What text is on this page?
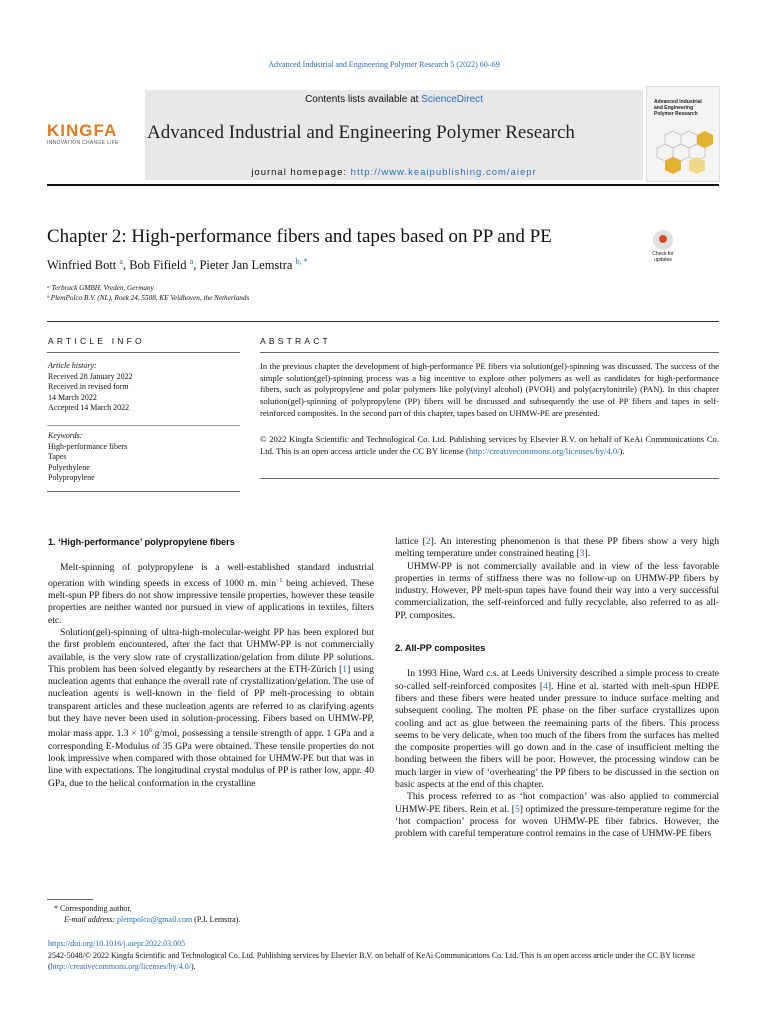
Advanced Industrial and Engineering Polymer Research 5 (2022) 60–69
KINGFA
INNOVATION CHANGE LIFE
Contents lists available at ScienceDirect
Advanced Industrial and Engineering Polymer Research
journal homepage: http://www.keaipublishing.com/aiepr
Advanced Industrial and Engineering Polymer Research
Chapter 2: High-performance fibers and tapes based on PP and PE
Check for updates
Winfried Bott $^a$, Bob Fifield $^a$, Pieter Jan Lemstra $^{b, *}$
ᵃ Terbrack GMBH, Vreden, Germany
ᵇ PlemPolco B.V. (NL), Roek 24, 5508, KE Veldhoven, the Netherlands
ARTICLE INFO	ABSTRACT
Article history:
Received 28 January 2022
Received in revised form
14 March 2022
Accepted 14 March 2022
Keywords:
High-performance fibers
Tapes
Polyethylene
Polypropylene
In the previous chapter the development of high-performance PE fibers via solution(gel)-spinning was discussed. The success of the simple solution(gel)-spinning process was a big incentive to explore other polymers as well as candidates for high-performance fibers, such as polypropylene and polar polymers like poly(vinyl alcohol) (PVOH) and poly(acrylonitrile) (PAN). In this chapter solution(gel)-spinning of polypropylene (PP) fibers will be discussed and subsequently the use of PP fibers and tapes in self-reinforced composites. In the second part of this chapter, tapes based on UHMW-PE are presented.
© 2022 Kingfa Scientific and Technological Co. Ltd. Publishing services by Elsevier B.V. on behalf of KeAi Communications Co. Ltd. This is an open access article under the CC BY license (http://creativecommons.org/licenses/by/4.0/).
1. ‘High-performance’ polypropylene fibers

Melt-spinning of polypropylene is a well-established standard industrial operation with winding speeds in excess of 1000 m. $\min^{-1}$ being achieved. These melt-spun PP fibers do not show impressive tensile properties, however these tensile properties are neither wanted nor pursued in view of applications in textiles, filters etc.

Solution(gel)-spinning of ultra-high-molecular-weight PP has been explored but the first problem encountered, after the fact that UHMW-PP is not commercially available, is the very slow rate of crystallization/gelation from dilute PP solutions. This problem has been solved elegantly by researchers at the ETH-Zürich [1] using nucleation agents that enhance the overall rate of crystallization/gelation. The use of nucleation agents is well-known in the field of PP melt-processing to obtain transparent articles and these nucleation agents are referred to as clarifying agents but they have never been used in solution-processing. Fibers based on UHMW-PP, molar mass appr. $1.3 \times 10^6$ g/mol, possessing a tensile strength of appr. 1 GPa and a corresponding E-Modulus of 35 GPa were obtained. These tensile properties do not look impressive when compared with those obtained for UHMW-PE but that was in line with expectations. The longitudinal crystal modulus of PP is rather low, appr. 40 GPa, due to the helical conformation in the crystalline

lattice [2]. An interesting phenomenon is that these PP fibers show a very high melting temperature under constrained heating [3].

UHMW-PP is not commercially available and in view of the less favorable properties in terms of stiffness there was no follow-up on UHMW-PP fibers by industry. However, PP melt-spun tapes have found their way into a very successful commercialization, the self-reinforced and fully recyclable, also referred to as all-PP, composites.

2. All-PP composites

In 1993 Hine, Ward c.s. at Leeds University described a simple process to create so-called self-reinforced composites [4]. Hine et al. started with melt-spun HDPE fibers and these fibers were heated under pressure to induce surface melting and subsequent cooling. The molten PE phase on the fiber surface crystallizes upon cooling and act as glue between the reemaining parts of the fibers. This process seems to be very delicate, when too much of the fibers from the surfaces has melted the composite properties will go down and in the case of insufficient melting the bonding between the fibers will be poor. However, the processing window can be much larger in view of ‘overheating’ the PP fibers to be discussed in the section on basic aspects at the end of this chapter.

This process referred to as ‘hot compaction’ was also applied to commercial UHMW-PE fibers. Rein et al. [5] optimized the pressure-temperature regime for the ‘hot compaction’ process for woven UHMW-PE fiber fabrics. However, the problem with careful temperature control remains in the case of UHMW-PE fibers

* Corresponding author.
E-mail address: plempolco@gmail.com (P.J. Lemstra).
https://doi.org/10.1016/j.aiepr.2022.03.005
2542-5048/© 2022 Kingfa Scientific and Technological Co. Ltd. Publishing services by Elsevier B.V. on behalf of KeAi Communications Co. Ltd. This is an open access article under the CC BY license (http://creativecommons.org/licenses/by/4.0/).
